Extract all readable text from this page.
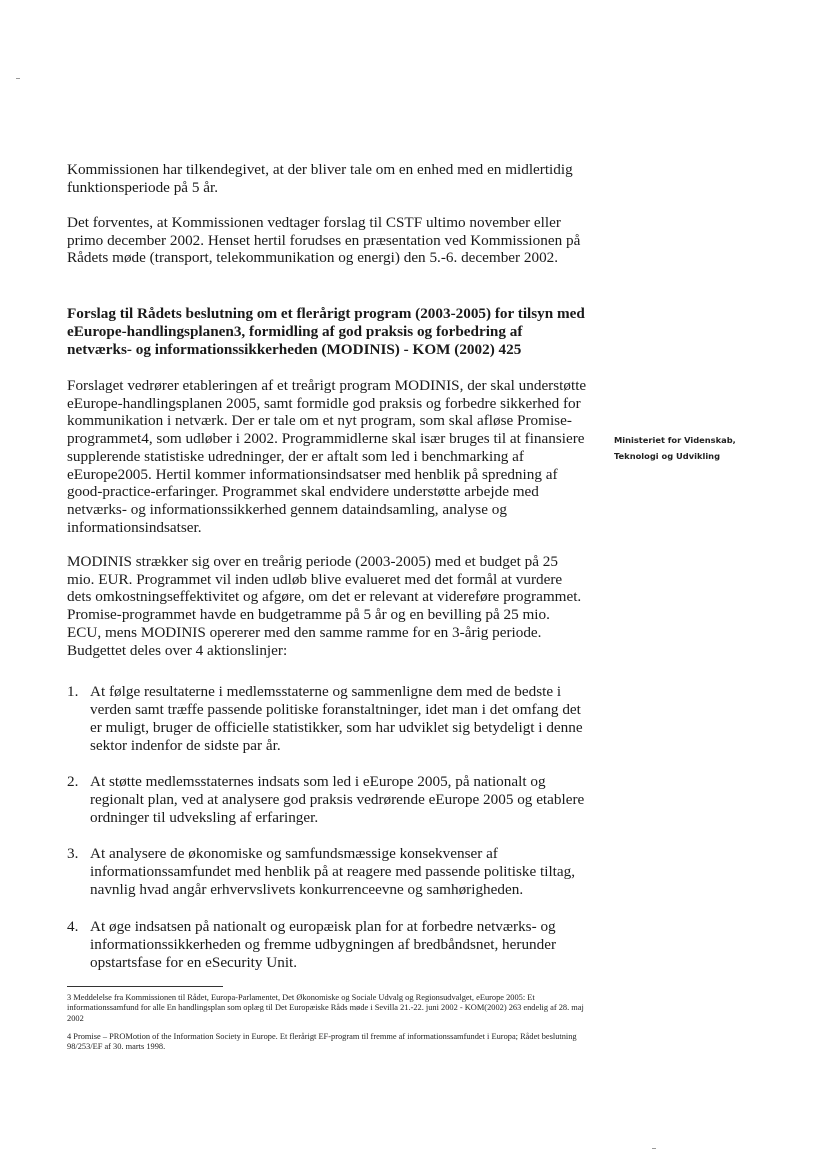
Kommissionen har tilkendegivet, at der bliver tale om en enhed med en midlertidig funktionsperiode på 5 år.

Det forventes, at Kommissionen vedtager forslag til CSTF ultimo november eller primo december 2002. Henset hertil forudses en præsentation ved Kommissionen på Rådets møde (transport, telekommunikation og energi) den 5.-6. december 2002.

Forslag til Rådets beslutning om et flerårigt program (2003-2005) for tilsyn med eEurope-handlingsplanen3, formidling af god praksis og forbedring af netværks- og informationssikkerheden (MODINIS) - KOM (2002) 425

Forslaget vedrører etableringen af et treårigt program MODINIS, der skal understøtte eEurope-handlingsplanen 2005, samt formidle god praksis og forbedre sikkerhed for kommunikation i netværk. Der er tale om et nyt program, som skal afløse Promise-programmet4, som udløber i 2002. Programmidlerne skal især bruges til at finansiere supplerende statistiske udredninger, der er aftalt som led i benchmarking af eEurope2005. Hertil kommer informationsindsatser med henblik på spredning af good-practice-erfaringer. Programmet skal endvidere understøtte arbejde med netværks- og informationssikkerhed gennem dataindsamling, analyse og informationsindsatser.

MODINIS strækker sig over en treårig periode (2003-2005) med et budget på 25 mio. EUR. Programmet vil inden udløb blive evalueret med det formål at vurdere dets omkostningseffektivitet og afgøre, om det er relevant at videreføre programmet. Promise-programmet havde en budgetramme på 5 år og en bevilling på 25 mio. ECU, mens MODINIS opererer med den samme ramme for en 3-årig periode. Budgettet deles over 4 aktionslinjer:

1. At følge resultaterne i medlemsstaterne og sammenligne dem med de bedste i verden samt træffe passende politiske foranstaltninger, idet man i det omfang det er muligt, bruger de officielle statistikker, som har udviklet sig betydeligt i denne sektor indenfor de sidste par år.
2. At støtte medlemsstaternes indsats som led i eEurope 2005, på nationalt og regionalt plan, ved at analysere god praksis vedrørende eEurope 2005 og etablere ordninger til udveksling af erfaringer.
3. At analysere de økonomiske og samfundsmæssige konsekvenser af informationssamfundet med henblik på at reagere med passende politiske tiltag, navnlig hvad angår erhvervslivets konkurrenceevne og samhørigheden.
4. At øge indsatsen på nationalt og europæisk plan for at forbedre netværks- og informationssikkerheden og fremme udbygningen af bredbåndsnet, herunder opstartsfase for en eSecurity Unit.
Ministeriet for Videnskab,
Teknologi og Udvikling
3 Meddelelse fra Kommissionen til Rådet, Europa-Parlamentet, Det Økonomiske og Sociale Udvalg og Regionsudvalget, eEurope 2005: Et informationssamfund for alle En handlingsplan som oplæg til Det Europæiske Råds møde i Sevilla 21.-22. juni 2002 - KOM(2002) 263 endelig af 28. maj 2002
4 Promise – PROMotion of the Information Society in Europe. Et flerårigt EF-program til fremme af informationssamfundet i Europa; Rådet beslutning 98/253/EF af 30. marts 1998.
